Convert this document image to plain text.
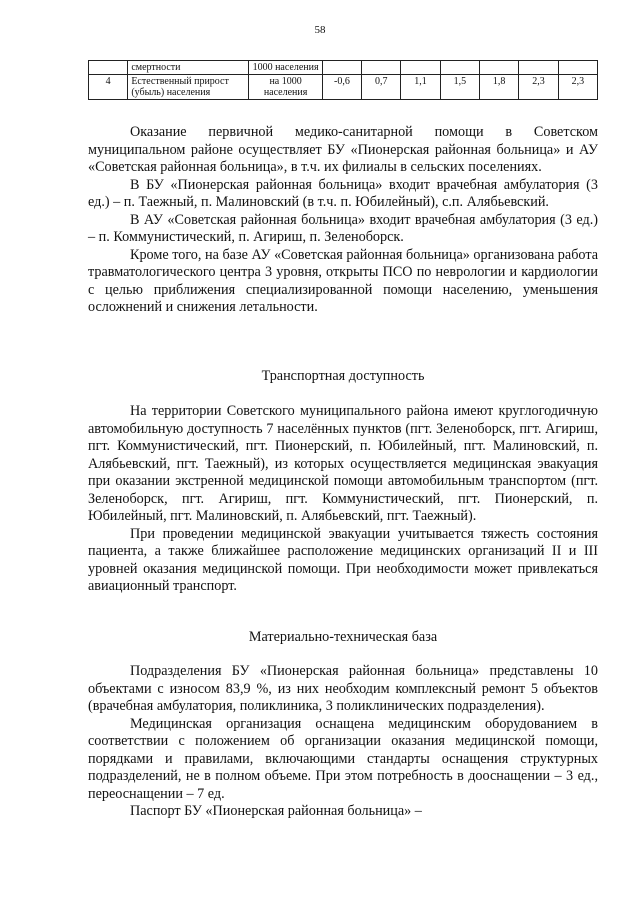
58
	смертности	1000 населения							
4	Естественный прирост (убыль) населения	на 1000 населения	-0,6	0,7	1,1	1,5	1,8	2,3	2,3

Оказание первичной медико-санитарной помощи в Советском муниципальном районе осуществляет БУ «Пионерская районная больница» и АУ «Советская районная больница», в т.ч. их филиалы в сельских поселениях.

В БУ «Пионерская районная больница» входит врачебная амбулатория (3 ед.) – п. Таежный, п. Малиновский (в т.ч. п. Юбилейный), с.п. Алябьевский.

В АУ «Советская районная больница» входит врачебная амбулатория (3 ед.) – п. Коммунистический, п. Агириш, п. Зеленоборск.

Кроме того, на базе АУ «Советская районная больница» организована работа травматологического центра 3 уровня, открыты ПСО по неврологии и кардиологии с целью приближения специализированной помощи населению, уменьшения осложнений и снижения летальности.

Транспортная доступность

На территории Советского муниципального района имеют круглогодичную автомобильную доступность 7 населённых пунктов (пгт. Зеленоборск, пгт. Агириш, пгт. Коммунистический, пгт. Пионерский, п. Юбилейный, пгт. Малиновский, п. Алябьевский, пгт. Таежный), из которых осуществляется медицинская эвакуация при оказании экстренной медицинской помощи автомобильным транспортом (пгт. Зеленоборск, пгт. Агириш, пгт. Коммунистический, пгт. Пионерский, п. Юбилейный, пгт. Малиновский, п. Алябьевский, пгт. Таежный).

При проведении медицинской эвакуации учитывается тяжесть состояния пациента, а также ближайшее расположение медицинских организаций II и III уровней оказания медицинской помощи. При необходимости может привлекаться авиационный транспорт.

Материально-техническая база

Подразделения БУ «Пионерская районная больница» представлены 10 объектами с износом 83,9 %, из них необходим комплексный ремонт 5 объектов (врачебная амбулатория, поликлиника, 3 поликлинических подразделения).

Медицинская организация оснащена медицинским оборудованием в соответствии с положением об организации оказания медицинской помощи, порядками и правилами, включающими стандарты оснащения структурных подразделений, не в полном объеме. При этом потребность в дооснащении – 3 ед., переоснащении – 7 ед.

Паспорт БУ «Пионерская районная больница» –
